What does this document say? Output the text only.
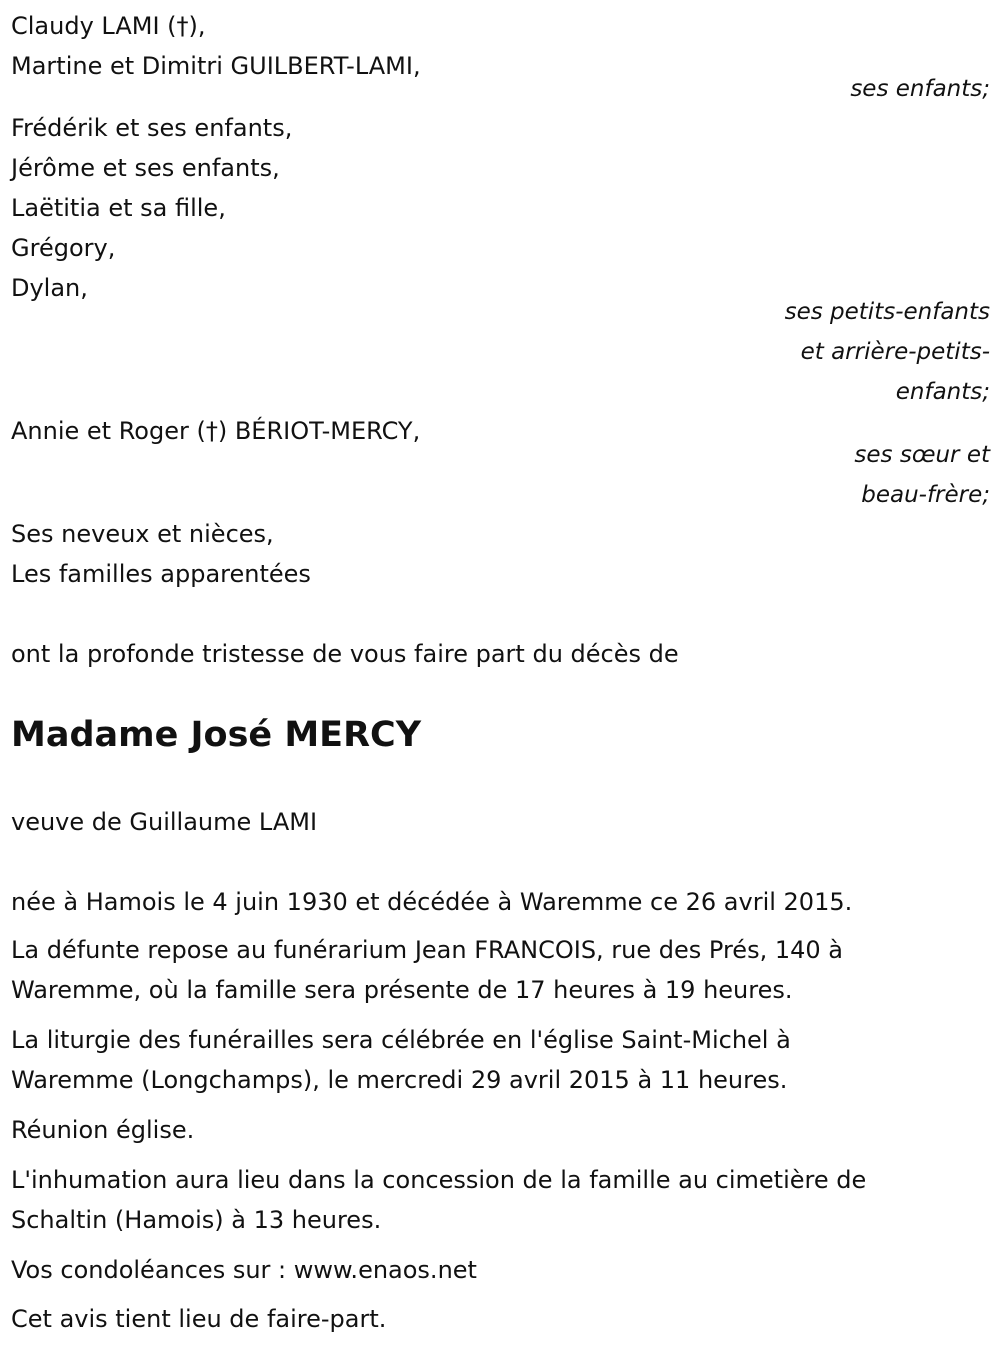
Claudy LAMI (†),
Martine et Dimitri GUILBERT-LAMI,
ses enfants;
Frédérik et ses enfants,
Jérôme et ses enfants,
Laëtitia et sa fille,
Grégory,
Dylan,
ses petits-enfants
et arrière-petits-
enfants;
Annie et Roger (†) BÉRIOT-MERCY,
ses sœur et
beau-frère;
Ses neveux et nièces,
Les familles apparentées
ont la profonde tristesse de vous faire part du décès de
Madame José MERCY
veuve de Guillaume LAMI
née à Hamois le 4 juin 1930 et décédée à Waremme ce 26 avril 2015.
La défunte repose au funérarium Jean FRANCOIS, rue des Prés, 140 à
Waremme, où la famille sera présente de 17 heures à 19 heures.
La liturgie des funérailles sera célébrée en l'église Saint-Michel à
Waremme (Longchamps), le mercredi 29 avril 2015 à 11 heures.
Réunion église.
L'inhumation aura lieu dans la concession de la famille au cimetière de
Schaltin (Hamois) à 13 heures.
Vos condoléances sur : www.enaos.net
Cet avis tient lieu de faire-part.
